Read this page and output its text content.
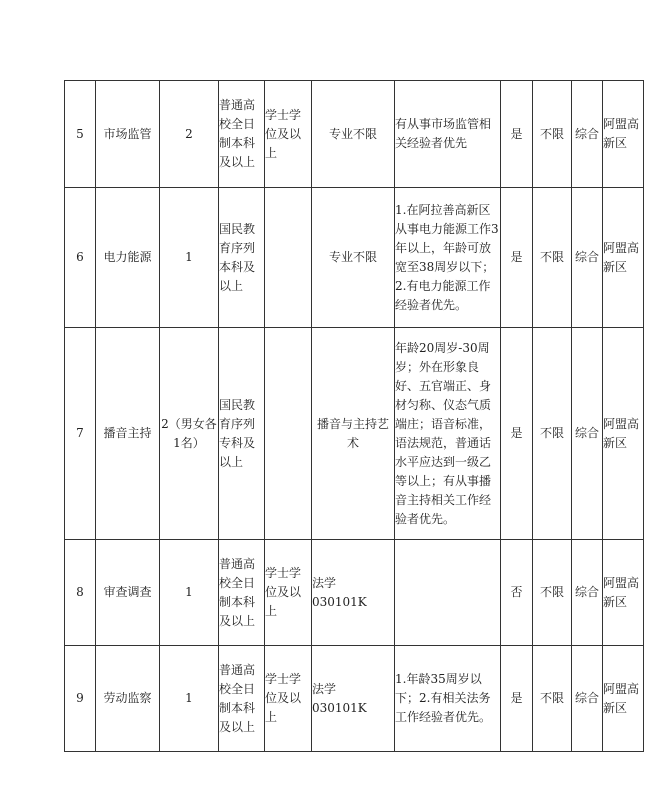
5	市场监管	2	普通高校全日制本科及以上	学士学位及以上	专业不限	有从事市场监管相关经验者优先	是	不限	综合	阿盟高新区
6	电力能源	1	国民教育序列本科及以上		专业不限	1.在阿拉善高新区从事电力能源工作3年以上，年龄可放宽至38周岁以下；2.有电力能源工作经验者优先。	是	不限	综合	阿盟高新区
7	播音主持	2（男女各1名）	国民教育序列专科及以上		播音与主持艺术	年龄20周岁-30周岁；外在形象良好、五官端正、身材匀称、仪态气质端庄；语音标准，语法规范，普通话水平应达到一级乙等以上；有从事播音主持相关工作经验者优先。	是	不限	综合	阿盟高新区
8	审查调查	1	普通高校全日制本科及以上	学士学位及以上	法学 030101K		否	不限	综合	阿盟高新区
9	劳动监察	1	普通高校全日制本科及以上	学士学位及以上	法学 030101K	1.年龄35周岁以下；2.有相关法务工作经验者优先。	是	不限	综合	阿盟高新区
